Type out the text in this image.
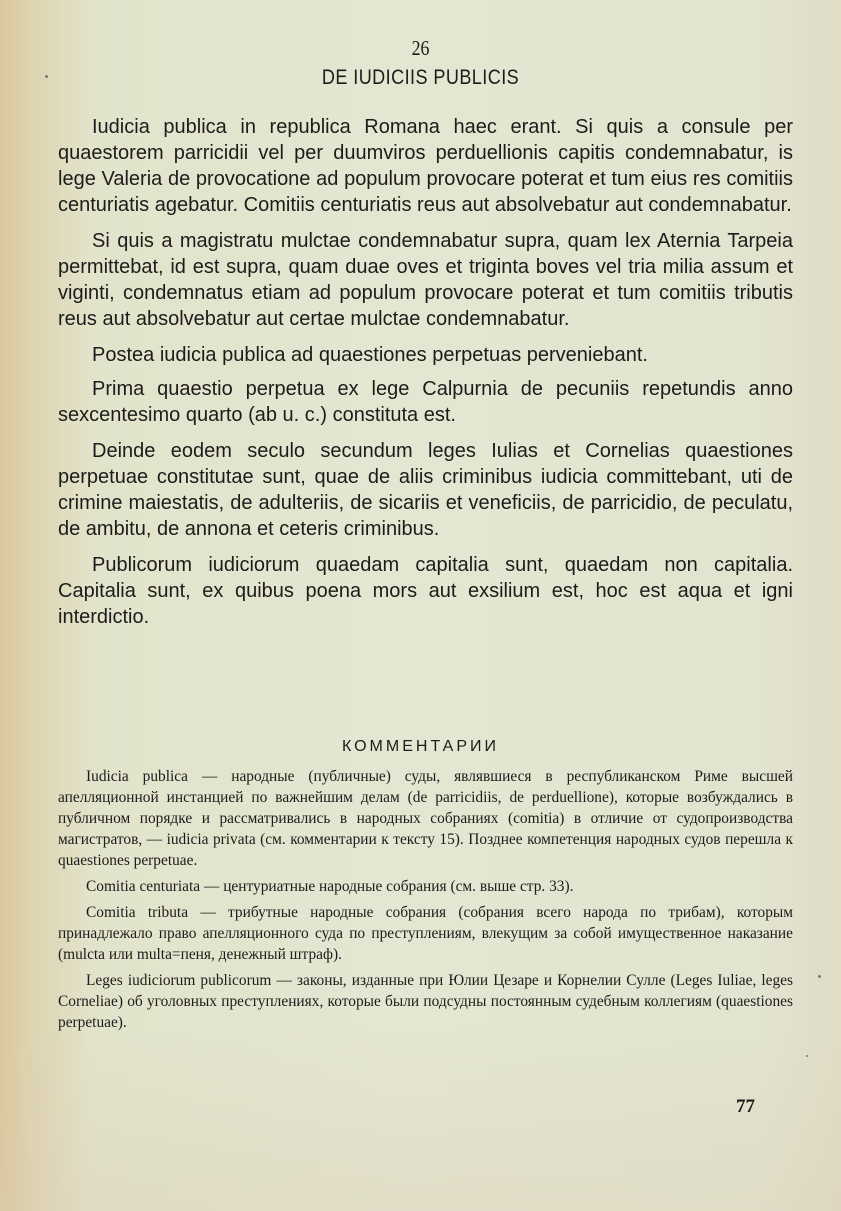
26
DE IUDICIIS PUBLICIS

Iudicia publica in republica Romana haec erant. Si quis a consule per quaestorem parricidii vel per duumviros perduellionis capitis condemnabatur, is lege Valeria de provocatione ad populum provocare poterat et tum eius res comitiis centuriatis agebatur. Comitiis centuriatis reus aut absolvebatur aut condemnabatur.

Si quis a magistratu mulctae condemnabatur supra, quam lex Aternia Tarpeia permittebat, id est supra, quam duae oves et triginta boves vel tria milia assum et viginti, condemnatus etiam ad populum provocare poterat et tum comitiis tributis reus aut absolvebatur aut certae mulctae condemnabatur.

Postea iudicia publica ad quaestiones perpetuas perveniebant.

Prima quaestio perpetua ex lege Calpurnia de pecuniis repetundis anno sexcentesimo quarto (ab u. c.) constituta est.

Deinde eodem seculo secundum leges Iulias et Cornelias quaestiones perpetuae constitutae sunt, quae de aliis criminibus iudicia committebant, uti de crimine maiestatis, de adulteriis, de sicariis et veneficiis, de parricidio, de peculatu, de ambitu, de annona et ceteris criminibus.

Publicorum iudiciorum quaedam capitalia sunt, quaedam non capitalia. Capitalia sunt, ex quibus poena mors aut exsilium est, hoc est aqua et igni interdictio.

КОММЕНТАРИИ

Iudicia publica — народные (публичные) суды, являвшиеся в республиканском Риме высшей апелляционной инстанцией по важнейшим делам (de parricidiis, de perduellione), которые возбуждались в публичном порядке и рассматривались в народных собраниях (comitia) в отличие от судопроизводства магистратов, — iudicia privata (см. комментарии к тексту 15). Позднее компетенция народных судов перешла к quaestiones perpetuae.

Comitia centuriata — центуриатные народные собрания (см. выше стр. 33).

Comitia tributa — трибутные народные собрания (собрания всего народа по трибам), которым принадлежало право апелляционного суда по преступлениям, влекущим за собой имущественное наказание (mulcta или multa=пеня, денежный штраф).

Leges iudiciorum publicorum — законы, изданные при Юлии Цезаре и Корнелии Сулле (Leges Iuliae, leges Corneliae) об уголовных преступлениях, которые были подсудны постоянным судебным коллегиям (quaestiones perpetuae).

77
